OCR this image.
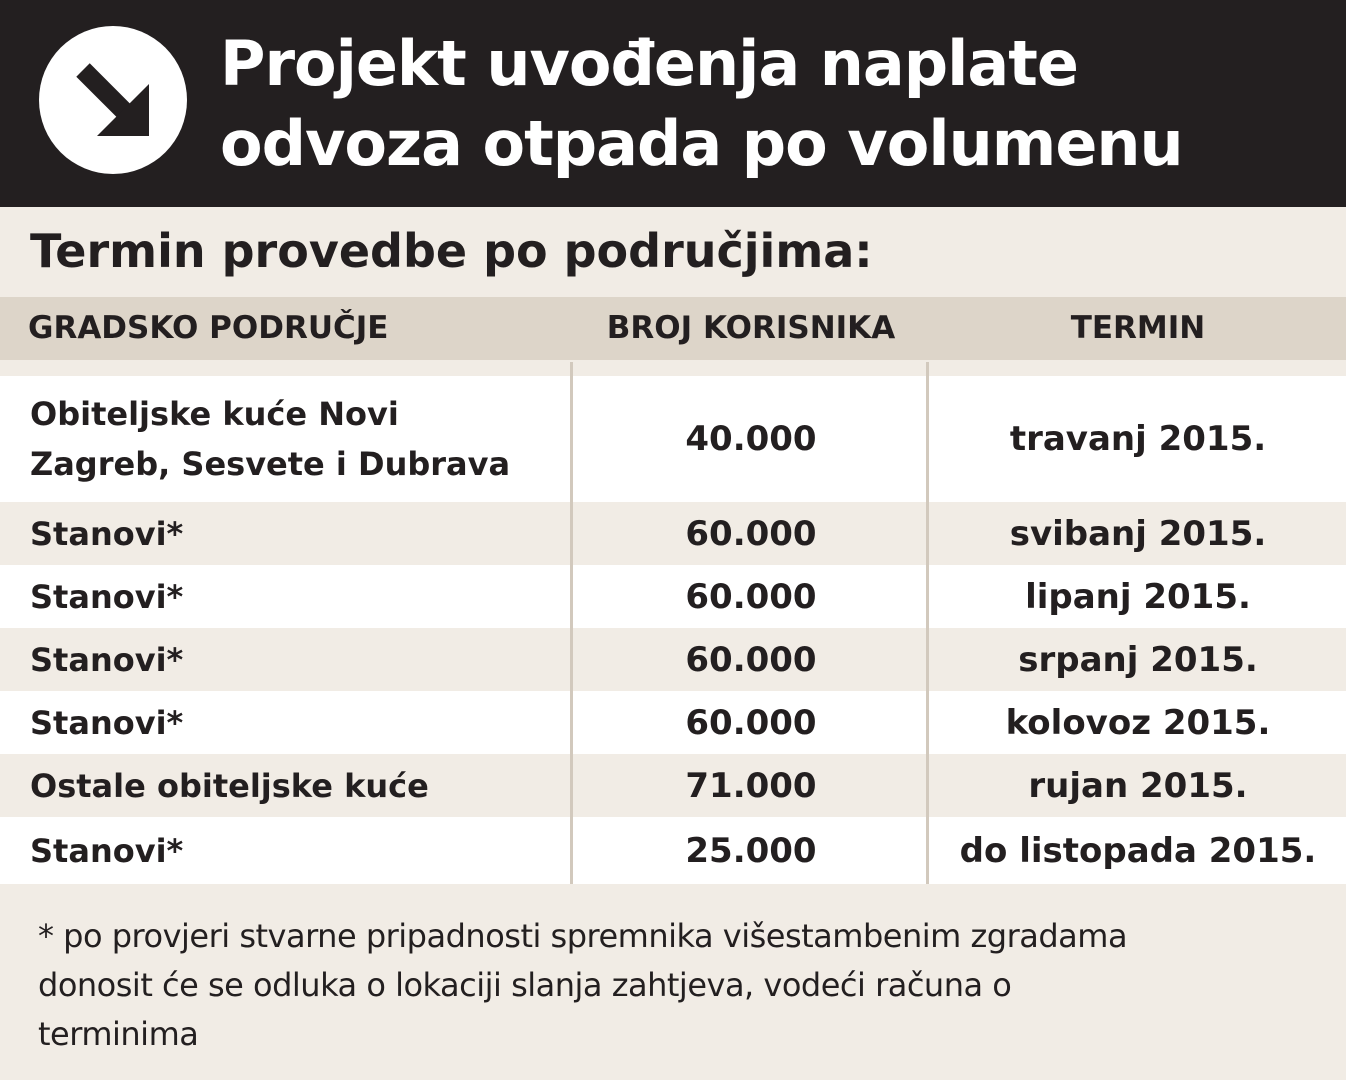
Projekt uvođenja naplate
odvoza otpada po volumenu
Termin provedbe po područjima:
GRADSKO PODRUČJE	BROJ KORISNIKA	TERMIN
Obiteljske kuće Novi
Zagreb, Sesvete i Dubrava
40.000	travanj 2015.
Stanovi*	60.000	svibanj 2015.
Stanovi*	60.000	lipanj 2015.
Stanovi*	60.000	srpanj 2015.
Stanovi*	60.000	kolovoz 2015.
Ostale obiteljske kuće	71.000	rujan 2015.
Stanovi*	25.000	do listopada 2015.

* po provjeri stvarne pripadnosti spremnika višestambenim zgradama
donosit će se odluka o lokaciji slanja zahtjeva, vodeći računa o
terminima
